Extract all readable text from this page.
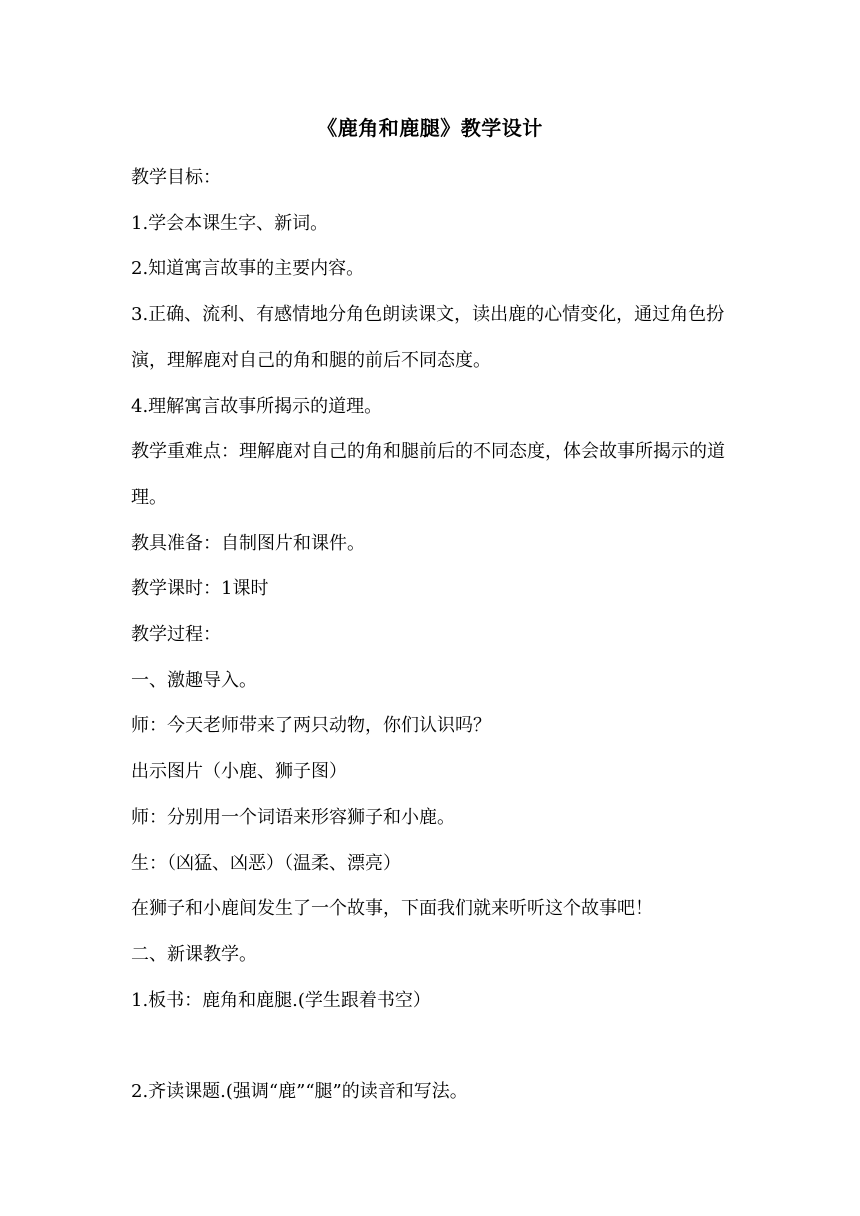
《鹿角和鹿腿》教学设计

教学目标：

1.学会本课生字、新词。

2.知道寓言故事的主要内容。

3.正确、流利、有感情地分角色朗读课文，读出鹿的心情变化，通过角色扮演，理解鹿对自己的角和腿的前后不同态度。

4.理解寓言故事所揭示的道理。

教学重难点：理解鹿对自己的角和腿前后的不同态度，体会故事所揭示的道理。

教具准备：自制图片和课件。

教学课时：1课时

教学过程：

一、激趣导入。

师：今天老师带来了两只动物，你们认识吗？

出示图片（小鹿、狮子图）

师：分别用一个词语来形容狮子和小鹿。

生：（凶猛、凶恶）（温柔、漂亮）

在狮子和小鹿间发生了一个故事，下面我们就来听听这个故事吧！

二、新课教学。

1.板书：鹿角和鹿腿.(学生跟着书空）

2.齐读课题.(强调“鹿”“腿”的读音和写法。
